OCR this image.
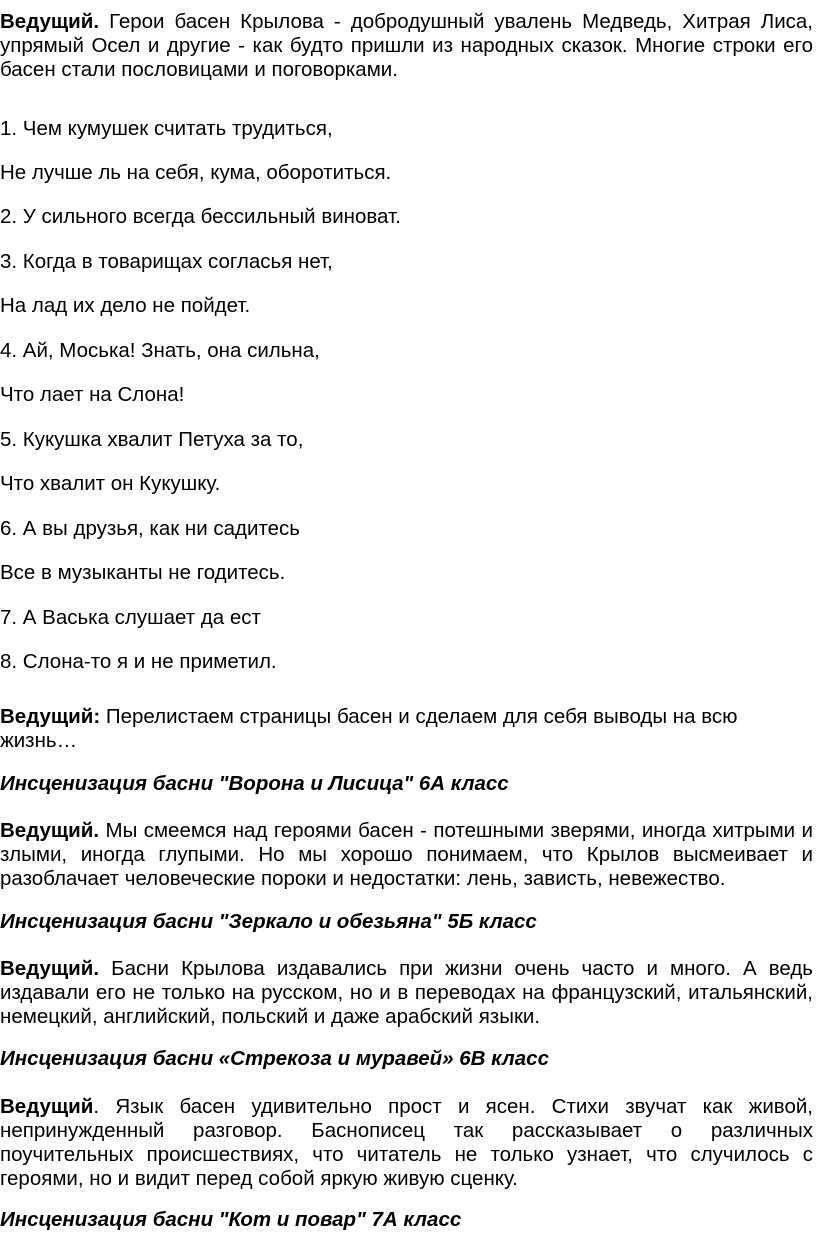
Ведущий. Герои басен Крылова - добродушный увалень Медведь, Хитрая Лиса, упрямый Осел и другие - как будто пришли из народных сказок. Многие строки его басен стали пословицами и поговорками.

1. Чем кумушек считать трудиться,

Не лучше ль на себя, кума, оборотиться.

2. У сильного всегда бессильный виноват.

3. Когда в товарищах согласья нет,

На лад их дело не пойдет.

4. Ай, Моська! Знать, она сильна,

Что лает на Слона!

5. Кукушка хвалит Петуха за то,

Что хвалит он Кукушку.

6. А вы друзья, как ни садитесь

Все в музыканты не годитесь.

7. А Васька слушает да ест

8. Слона-то я и не приметил.

Ведущий: Перелистаем страницы басен и сделаем для себя выводы на всю жизнь…

Инсценизация басни "Ворона и Лисица" 6А класс

Ведущий. Мы смеемся над героями басен - потешными зверями, иногда хитрыми и злыми, иногда глупыми. Но мы хорошо понимаем, что Крылов высмеивает и разоблачает человеческие пороки и недостатки: лень, зависть, невежество.

Инсценизация басни "Зеркало и обезьяна" 5Б класс

Ведущий. Басни Крылова издавались при жизни очень часто и много. А ведь издавали его не только на русском, но и в переводах на французский, итальянский, немецкий, английский, польский и даже арабский языки.

Инсценизация басни «Стрекоза и муравей» 6В класс

Ведущий. Язык басен удивительно прост и ясен. Стихи звучат как живой, непринужденный разговор. Баснописец так рассказывает о различных поучительных происшествиях, что читатель не только узнает, что случилось с героями, но и видит перед собой яркую живую сценку.

Инсценизация басни "Кот и повар" 7А класс
